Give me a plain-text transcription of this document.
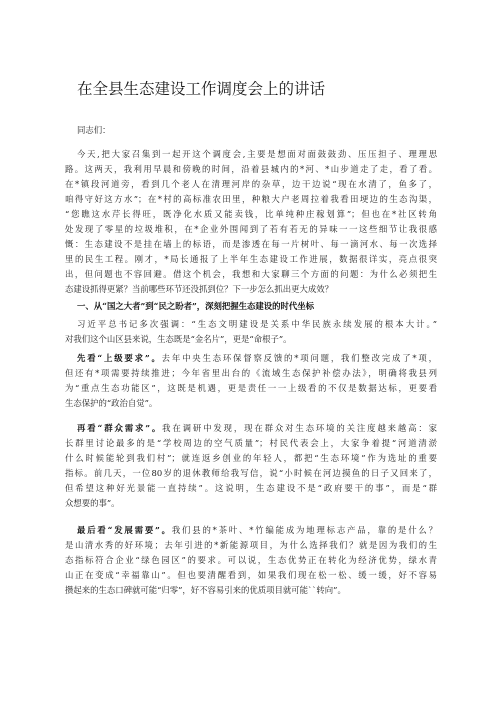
在全县生态建设工作调度会上的讲话
同志们：
今天,把大家召集到一起开这个调度会,主要是想面对面鼓鼓劲、压压担子、理理思
路。这两天，我利用早晨和傍晚的时间，沿着县城内的*河、*山步道走了走，看了看。
在*镇段河道旁，看到几个老人在清理河岸的杂草，边干边说“现在水清了，鱼多了，
咱得守好这方水”；在*村的高标准农田里，种粮大户老周拉着我看田埂边的生态沟渠，
“您瞧这水芹长得旺，既净化水质又能卖钱，比单纯种庄稼划算”；但也在*社区转角
处发现了零星的垃圾堆积，在*企业外围闻到了若有若无的异味一一这些细节让我很感
慨：生态建设不是挂在墙上的标语，而是渗透在每一片树叶、每一滴河水、每一次选择
里的民生工程。刚才，*局长通报了上半年生态建设工作进展，数据很详实，亮点很突
出，但问题也不容回避。借这个机会，我想和大家聊三个方面的问题：为什么必须把生
态建设抓得更紧？当前哪些环节还没抓到位？下一步怎么抓出更大成效？
一、从“国之大者”到“民之盼者”，深刻把握生态建设的时代坐标
习近平总书记多次强调：“生态文明建设是关系中华民族永续发展的根本大计。”
对我们这个山区县来说，生态既是“金名片”，更是“命根子”。
先看“上级要求”。去年中央生态环保督察反馈的*项问题，我们整改完成了*项，
但还有*项需要持续推进；今年省里出台的《流域生态保护补偿办法》，明确将我县列
为“重点生态功能区”，这既是机遇，更是责任一一上级看的不仅是数据达标，更要看
生态保护的“政治自觉”。
再看“群众需求”。我在调研中发现，现在群众对生态环境的关注度越来越高：家
长群里讨论最多的是“学校周边的空气质量”；村民代表会上，大家争着提“河道清淤
什么时候能轮到我们村”；就连返乡创业的年轻人，都把“生态环境”作为选址的重要
指标。前几天，一位80岁的退休教师给我写信，说“小时候在河边摸鱼的日子又回来了，
但希望这种好光景能一直持续”。这说明，生态建设不是“政府要干的事”，而是“群
众想要的事”。
最后看“发展需要”。我们县的*茶叶、*竹编能成为地理标志产品，靠的是什么？
是山清水秀的好环境；去年引进的*新能源项目，为什么选择我们？就是因为我们的生
态指标符合企业“绿色园区”的要求。可以说，生态优势正在转化为经济优势，绿水青
山正在变成“幸福靠山”。但也要清醒看到，如果我们现在松一松、缓一缓，好不容易
攒起来的生态口碑就可能“归零”，好不容易引来的优质项目就可能``转向”。
